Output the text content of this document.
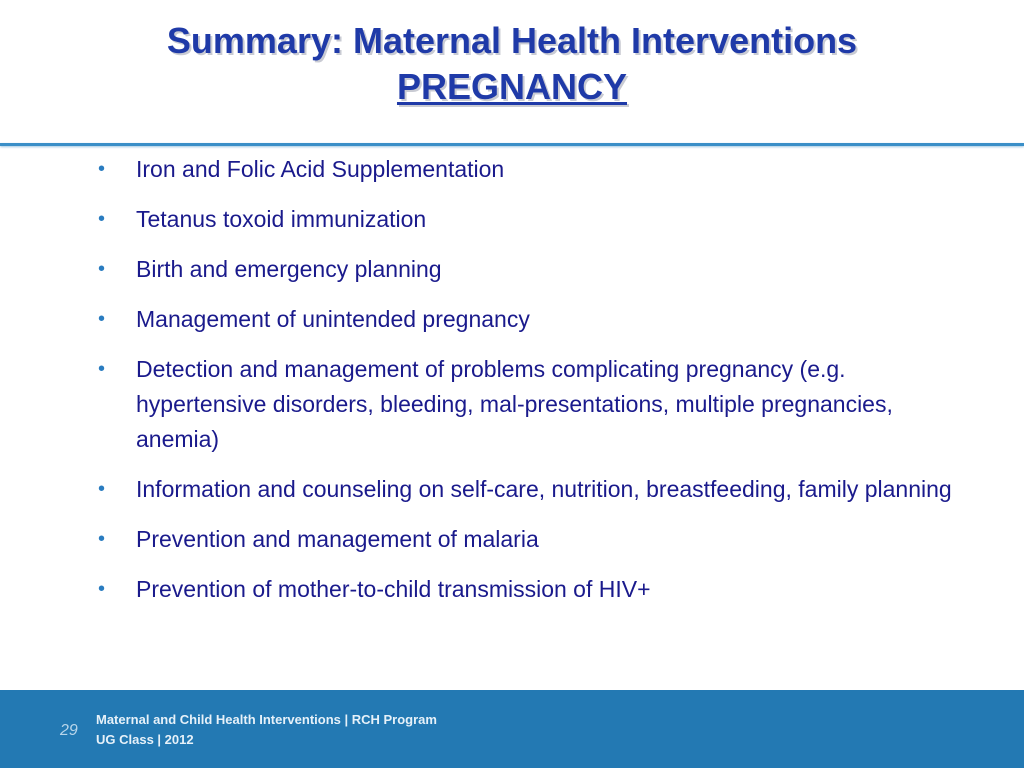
Summary: Maternal Health Interventions
PREGNANCY
•	Iron and Folic Acid Supplementation
•	Tetanus toxoid immunization
•	Birth and emergency planning
•	Management of unintended pregnancy
•	Detection and management of problems complicating pregnancy (e.g. hypertensive disorders, bleeding, mal-presentations, multiple pregnancies, anemia)
•	Information and counseling on self-care, nutrition, breastfeeding, family planning
•	Prevention and management of malaria
•	Prevention of mother-to-child transmission of HIV+
29
Maternal and Child Health Interventions | RCH Program
UG Class | 2012
